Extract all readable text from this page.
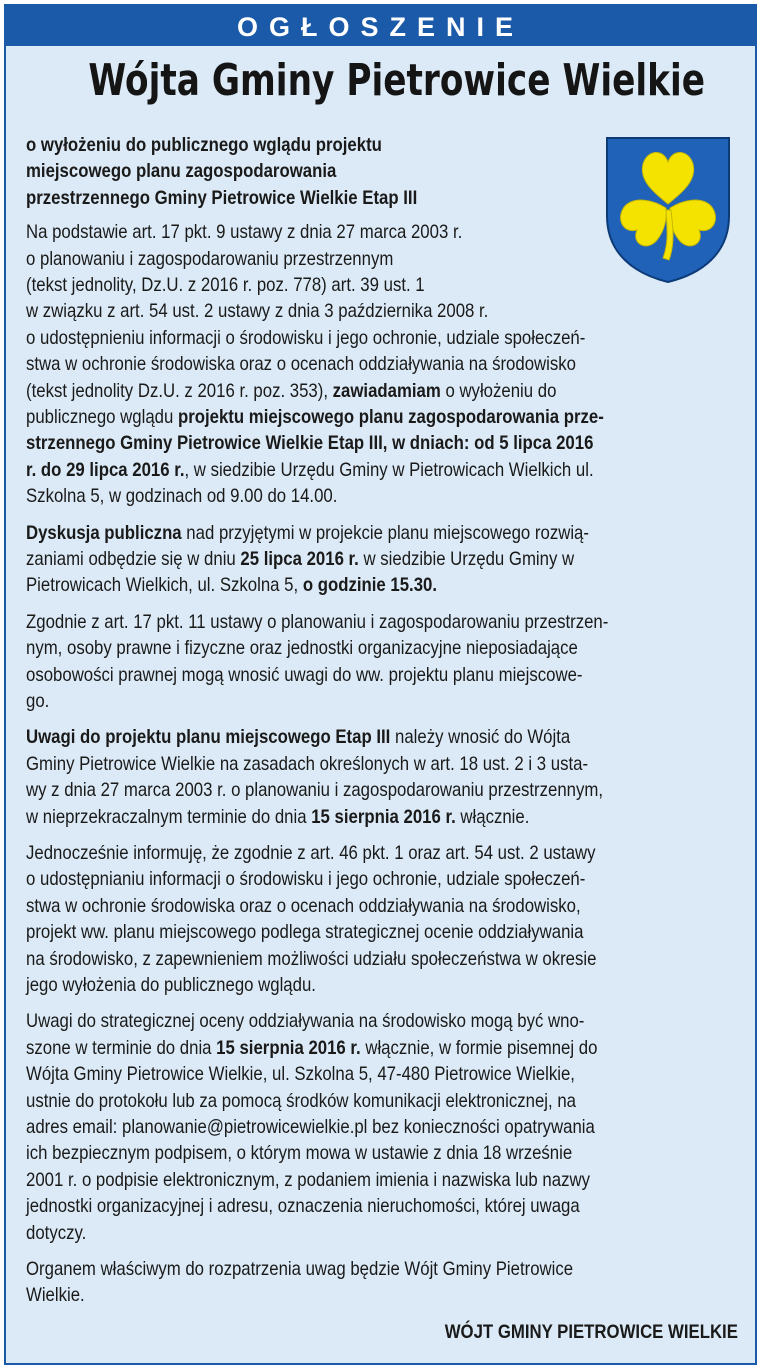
OGŁOSZENIE
Wójta Gminy Pietrowice Wielkie

o wyłożeniu do publicznego wglądu projektu
miejscowego planu zagospodarowania
przestrzennego Gminy Pietrowice Wielkie Etap III

Na podstawie art. 17 pkt. 9 ustawy z dnia 27 marca 2003 r.
o planowaniu i zagospodarowaniu przestrzennym
(tekst jednolity, Dz.U. z 2016 r. poz. 778) art. 39 ust. 1
w związku z art. 54 ust. 2 ustawy z dnia 3 października 2008 r.
o udostępnieniu informacji o środowisku i jego ochronie, udziale społeczeń-
stwa w ochronie środowiska oraz o ocenach oddziaływania na środowisko
(tekst jednolity Dz.U. z 2016 r. poz. 353), zawiadamiam o wyłożeniu do
publicznego wglądu projektu miejscowego planu zagospodarowania prze-
strzennego Gminy Pietrowice Wielkie Etap III, w dniach: od 5 lipca 2016
r. do 29 lipca 2016 r., w siedzibie Urzędu Gminy w Pietrowicach Wielkich ul.
Szkolna 5, w godzinach od 9.00 do 14.00.

Dyskusja publiczna nad przyjętymi w projekcie planu miejscowego rozwią-
zaniami odbędzie się w dniu 25 lipca 2016 r. w siedzibie Urzędu Gminy w
Pietrowicach Wielkich, ul. Szkolna 5, o godzinie 15.30.

Zgodnie z art. 17 pkt. 11 ustawy o planowaniu i zagospodarowaniu przestrzen-
nym, osoby prawne i fizyczne oraz jednostki organizacyjne nieposiadające
osobowości prawnej mogą wnosić uwagi do ww. projektu planu miejscowe-
go.

Uwagi do projektu planu miejscowego Etap III należy wnosić do Wójta
Gminy Pietrowice Wielkie na zasadach określonych w art. 18 ust. 2 i 3 usta-
wy z dnia 27 marca 2003 r. o planowaniu i zagospodarowaniu przestrzennym,
w nieprzekraczalnym terminie do dnia 15 sierpnia 2016 r. włącznie.

Jednocześnie informuję, że zgodnie z art. 46 pkt. 1 oraz art. 54 ust. 2 ustawy
o udostępnianiu informacji o środowisku i jego ochronie, udziale społeczeń-
stwa w ochronie środowiska oraz o ocenach oddziaływania na środowisko,
projekt ww. planu miejscowego podlega strategicznej ocenie oddziaływania
na środowisko, z zapewnieniem możliwości udziału społeczeństwa w okresie
jego wyłożenia do publicznego wglądu.

Uwagi do strategicznej oceny oddziaływania na środowisko mogą być wno-
szone w terminie do dnia 15 sierpnia 2016 r. włącznie, w formie pisemnej do
Wójta Gminy Pietrowice Wielkie, ul. Szkolna 5, 47-480 Pietrowice Wielkie,
ustnie do protokołu lub za pomocą środków komunikacji elektronicznej, na
adres email: planowanie@pietrowicewielkie.pl bez konieczności opatrywania
ich bezpiecznym podpisem, o którym mowa w ustawie z dnia 18 wrześnie
2001 r. o podpisie elektronicznym, z podaniem imienia i nazwiska lub nazwy
jednostki organizacyjnej i adresu, oznaczenia nieruchomości, której uwaga
dotyczy.

Organem właściwym do rozpatrzenia uwag będzie Wójt Gminy Pietrowice
Wielkie.

WÓJT GMINY PIETROWICE WIELKIE
